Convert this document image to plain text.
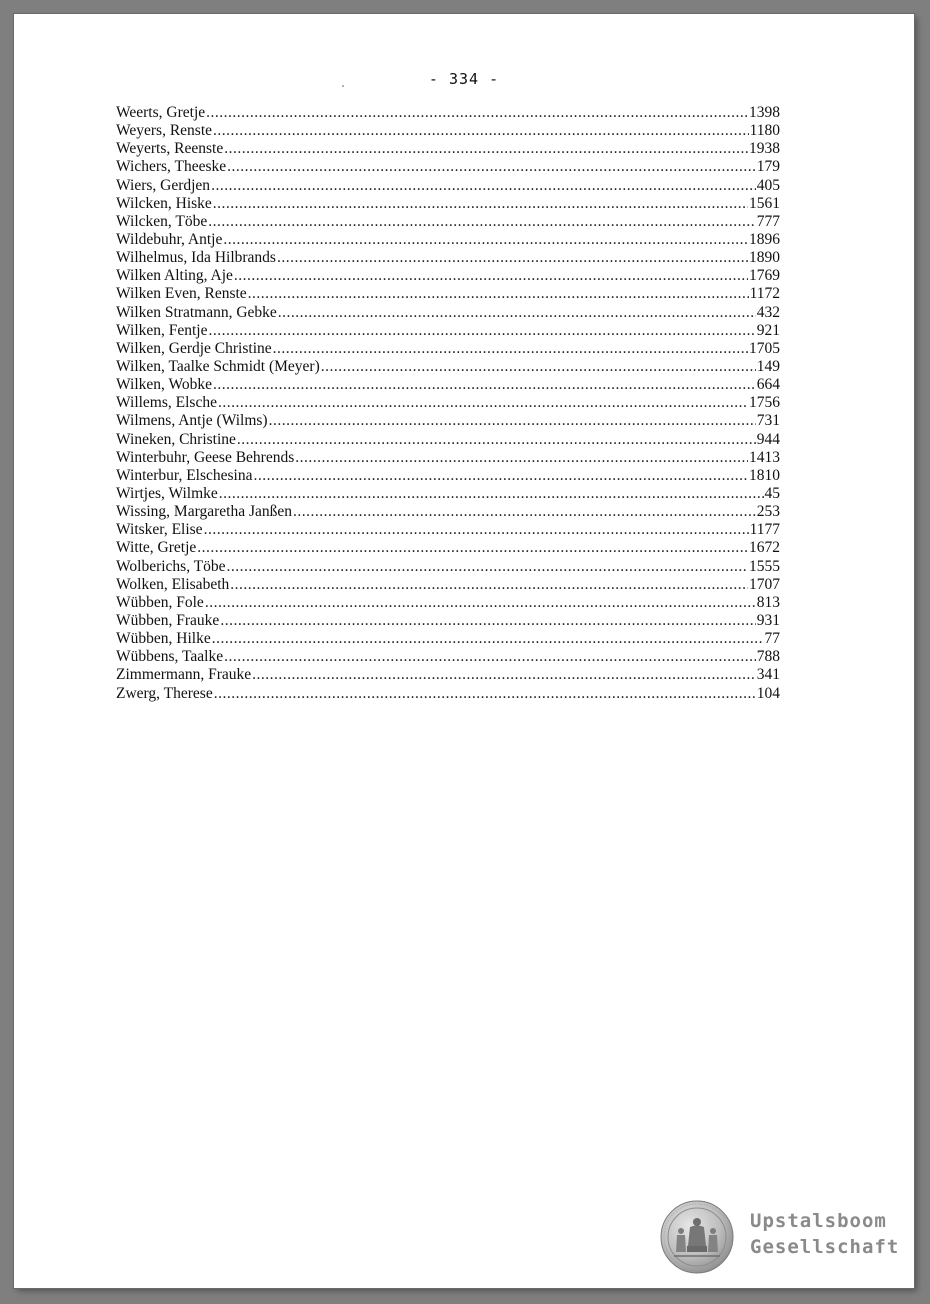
- 334 -
Weerts, Gretje .....	1398
Weyers, Renste .....	1180
Weyerts, Reenste .....	1938
Wichers, Theeske .....	179
Wiers, Gerdjen .....	405
Wilcken, Hiske .....	1561
Wilcken, Töbe .....	777
Wildebuhr, Antje .....	1896
Wilhelmus, Ida Hilbrands .....	1890
Wilken Alting, Aje .....	1769
Wilken Even, Renste .....	1172
Wilken Stratmann, Gebke .....	432
Wilken, Fentje .....	921
Wilken, Gerdje Christine .....	1705
Wilken, Taalke Schmidt (Meyer) .....	149
Wilken, Wobke .....	664
Willems, Elsche .....	1756
Wilmens, Antje (Wilms) .....	731
Wineken, Christine .....	944
Winterbuhr, Geese Behrends .....	1413
Winterbur, Elschesina .....	1810
Wirtjes, Wilmke .....	45
Wissing, Margaretha Janßen .....	253
Witsker, Elise .....	1177
Witte, Gretje .....	1672
Wolberichs, Töbe .....	1555
Wolken, Elisabeth .....	1707
Wübben, Fole .....	813
Wübben, Frauke .....	931
Wübben, Hilke .....	77
Wübbens, Taalke .....	788
Zimmermann, Frauke .....	341
Zwerg, Therese .....	104
Upstalsboom
Gesellschaft
